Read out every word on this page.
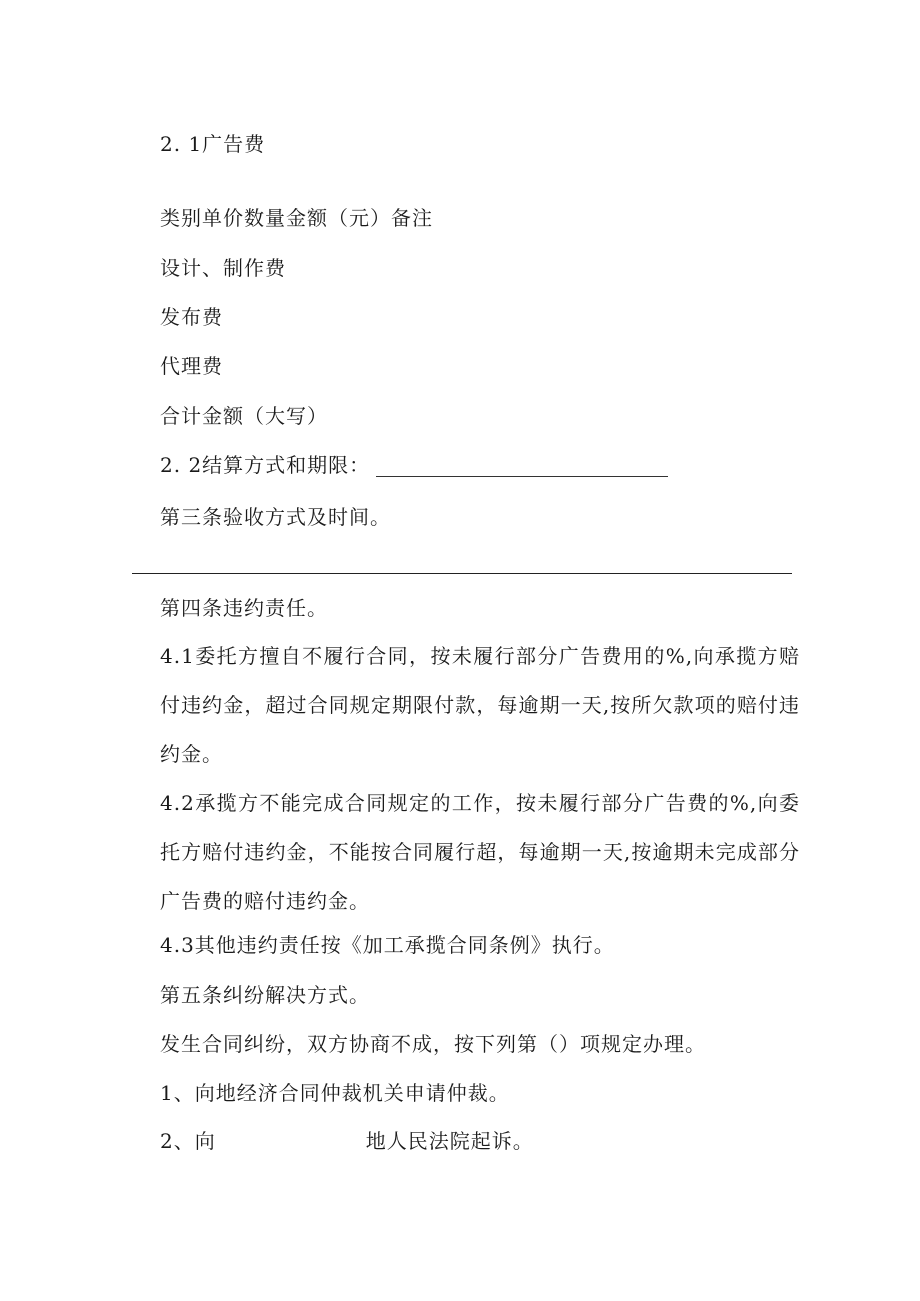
2. 1广告费
类别单价数量金额（元）备注
设计、制作费
发布费
代理费
合计金额（大写）
2. 2结算方式和期限：
第三条验收方式及时间。
第四条违约责任。
4.1委托方擅自不履行合同，按未履行部分广告费用的%,向承揽方赔付违约金，超过合同规定期限付款，每逾期一天,按所欠款项的赔付违约金。
4.2承揽方不能完成合同规定的工作，按未履行部分广告费的%,向委托方赔付违约金，不能按合同履行超，每逾期一天,按逾期未完成部分广告费的赔付违约金。
4.3其他违约责任按《加工承揽合同条例》执行。
第五条纠纷解决方式。
发生合同纠纷，双方协商不成，按下列第（）项规定办理。
1、向地经济合同仲裁机关申请仲裁。
2、向	地人民法院起诉。
